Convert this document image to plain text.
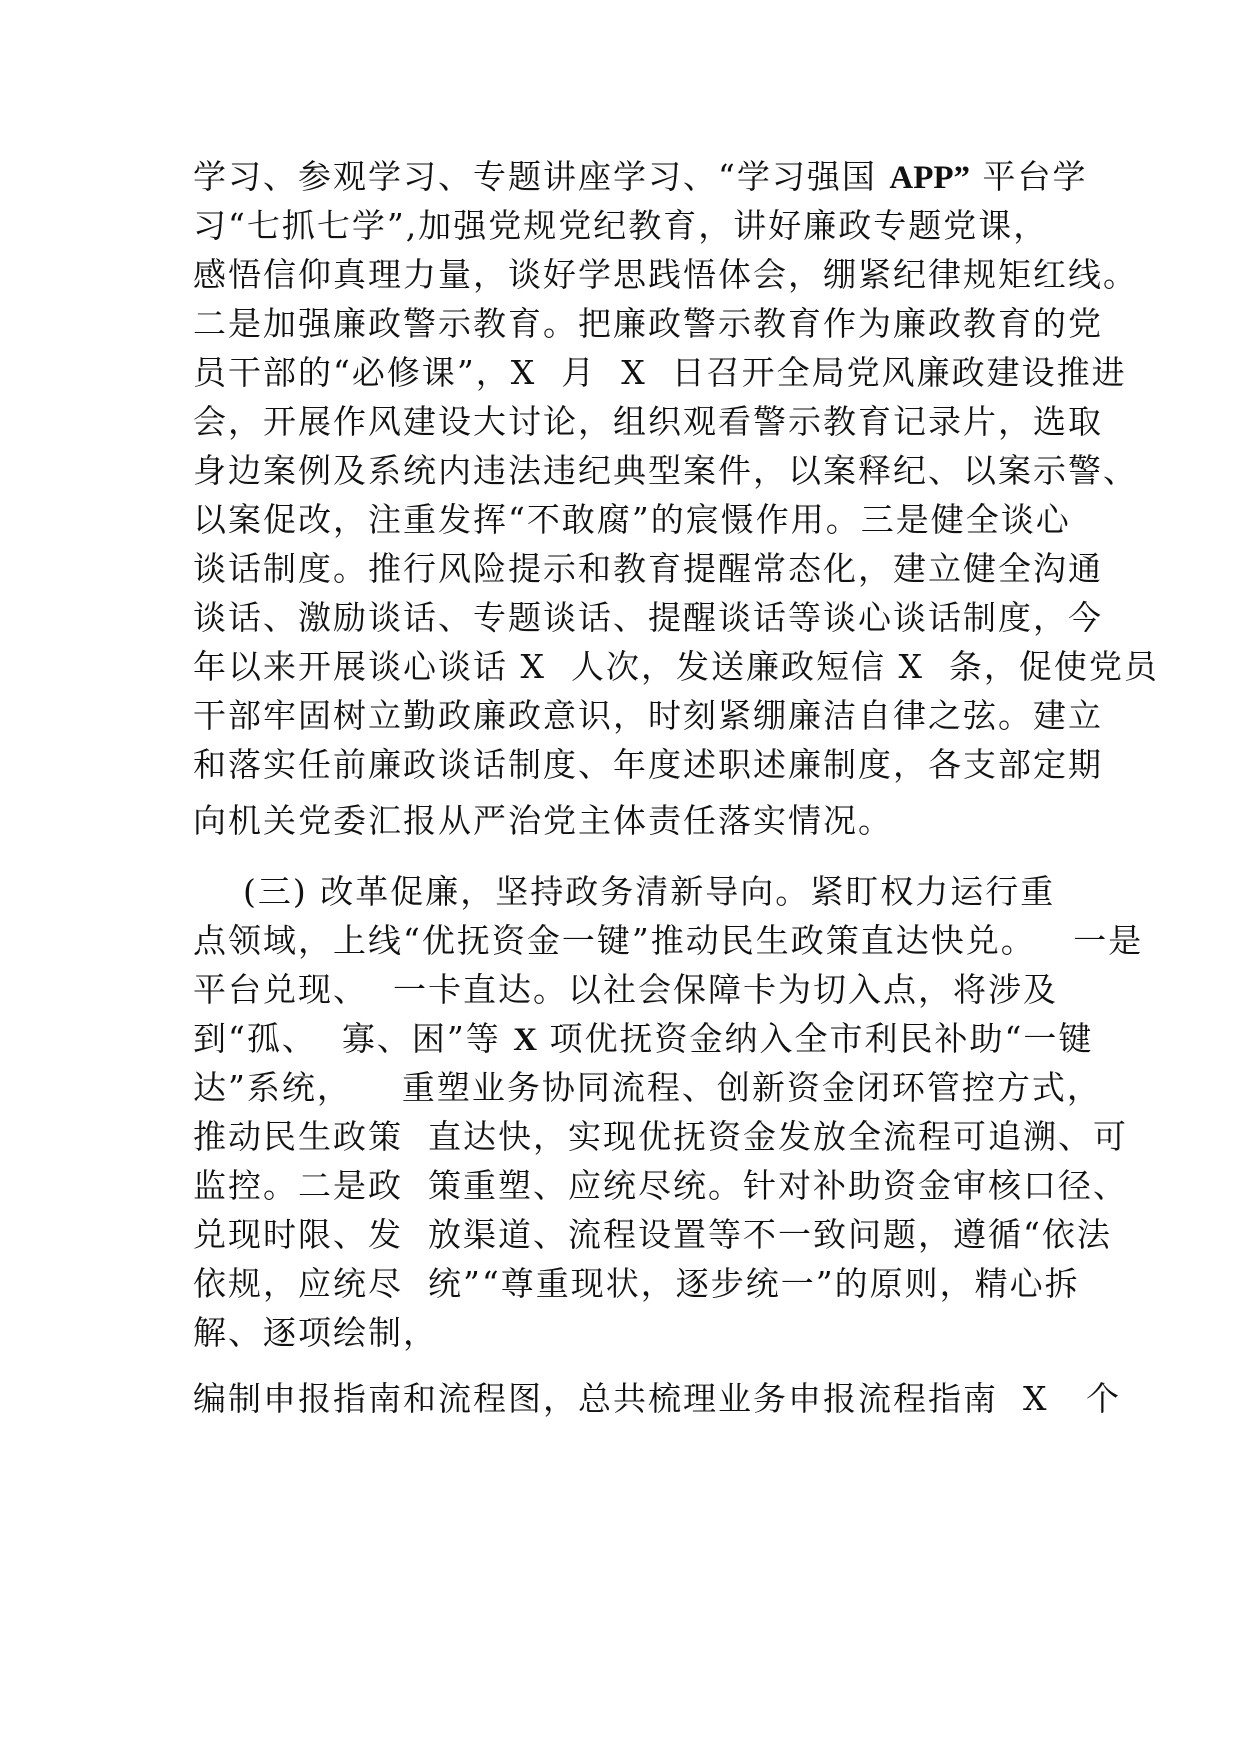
学习、参观学习、专题讲座学习、“学习强国 APP” 平台学

习“七抓七学”,加强党规党纪教育，讲好廉政专题党课，

感悟信仰真理力量，谈好学思践悟体会，绷紧纪律规矩红线。

二是加强廉政警示教育。把廉政警示教育作为廉政教育的党

员干部的“必修课”，X  月  X  日召开全局党风廉政建设推进

会，开展作风建设大讨论，组织观看警示教育记录片，选取

身边案例及系统内违法违纪典型案件，以案释纪、以案示警、

以案促改，注重发挥“不敢腐”的宸慑作用。三是健全谈心

谈话制度。推行风险提示和教育提醒常态化，建立健全沟通

谈话、激励谈话、专题谈话、提醒谈话等谈心谈话制度，今

年以来开展谈心谈话 X  人次，发送廉政短信 X  条，促使党员

干部牢固树立勤政廉政意识，时刻紧绷廉洁自律之弦。建立

和落实任前廉政谈话制度、年度述职述廉制度，各支部定期

向机关党委汇报从严治党主体责任落实情况。

(三) 改革促廉，坚持政务清新导向。紧盯权力运行重

点领域，上线“优抚资金一键”推动民生政策直达快兑。   一是

平台兑现、  一卡直达。以社会保障卡为切入点，将涉及

到“孤、  寡、困”等 X 项优抚资金纳入全市利民补助“一键

达”系统，    重塑业务协同流程、创新资金闭环管控方式，

推动民生政策  直达快，实现优抚资金发放全流程可追溯、可

监控。二是政  策重塑、应统尽统。针对补助资金审核口径、

兑现时限、发  放渠道、流程设置等不一致问题，遵循“依法

依规，应统尽  统”“尊重现状，逐步统一”的原则，精心拆

解、逐项绘制，

编制申报指南和流程图，总共梳理业务申报流程指南  X   个
